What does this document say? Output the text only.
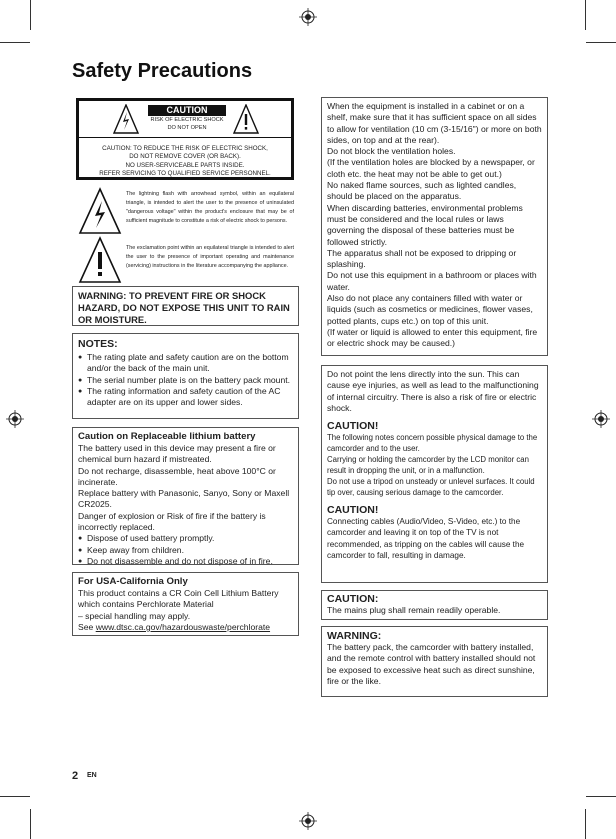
Safety Precautions
CAUTION
RISK OF ELECTRIC SHOCK
DO NOT OPEN
CAUTION: TO REDUCE THE RISK OF ELECTRIC SHOCK,
DO NOT REMOVE COVER (OR BACK).
NO USER-SERVICEABLE PARTS INSIDE.
REFER SERVICING TO QUALIFIED SERVICE PERSONNEL.
The lightning flash with arrowhead symbol, within an equilateral triangle, is intended to alert the user to the presence of uninsulated "dangerous voltage" within the product's enclosure that may be of sufficient magnitude to constitute a risk of electric shock to persons.
The exclamation point within an equilateral triangle is intended to alert the user to the presence of important operating and maintenance (servicing) instructions in the literature accompanying the appliance.
WARNING: TO PREVENT FIRE OR SHOCK HAZARD, DO NOT EXPOSE THIS UNIT TO RAIN OR MOISTURE.
NOTES:
● The rating plate and safety caution are on the bottom and/or the back of the main unit.
● The serial number plate is on the battery pack mount.
● The rating information and safety caution of the AC adapter are on its upper and lower sides.
Caution on Replaceable lithium battery
The battery used in this device may present a fire or chemical burn hazard if mistreated.
Do not recharge, disassemble, heat above 100°C or incinerate.
Replace battery with Panasonic, Sanyo, Sony or Maxell CR2025.
Danger of explosion or Risk of fire if the battery is incorrectly replaced.
● Dispose of used battery promptly.
● Keep away from children.
● Do not disassemble and do not dispose of in fire.
For USA-California Only
This product contains a CR Coin Cell Lithium Battery which contains Perchlorate Material
– special handling may apply.
See www.dtsc.ca.gov/hazardouswaste/perchlorate
When the equipment is installed in a cabinet or on a shelf, make sure that it has sufficient space on all sides to allow for ventilation (10 cm (3-15/16") or more on both sides, on top and at the rear).
Do not block the ventilation holes.
(If the ventilation holes are blocked by a newspaper, or cloth etc. the heat may not be able to get out.)
No naked flame sources, such as lighted candles, should be placed on the apparatus.
When discarding batteries, environmental problems must be considered and the local rules or laws governing the disposal of these batteries must be followed strictly.
The apparatus shall not be exposed to dripping or splashing.
Do not use this equipment in a bathroom or places with water.
Also do not place any containers filled with water or liquids (such as cosmetics or medicines, flower vases, potted plants, cups etc.) on top of this unit.
(If water or liquid is allowed to enter this equipment, fire or electric shock may be caused.)
Do not point the lens directly into the sun. This can cause eye injuries, as well as lead to the malfunctioning of internal circuitry. There is also a risk of fire or electric shock.
CAUTION!
The following notes concern possible physical damage to the camcorder and to the user.
Carrying or holding the camcorder by the LCD monitor can result in dropping the unit, or in a malfunction.
Do not use a tripod on unsteady or unlevel surfaces. It could tip over, causing serious damage to the camcorder.
CAUTION!
Connecting cables (Audio/Video, S-Video, etc.) to the camcorder and leaving it on top of the TV is not recommended, as tripping on the cables will cause the camcorder to fall, resulting in damage.
CAUTION:
The mains plug shall remain readily operable.
WARNING:
The battery pack, the camcorder with battery installed, and the remote control with battery installed should not be exposed to excessive heat such as direct sunshine, fire or the like.
2 EN
